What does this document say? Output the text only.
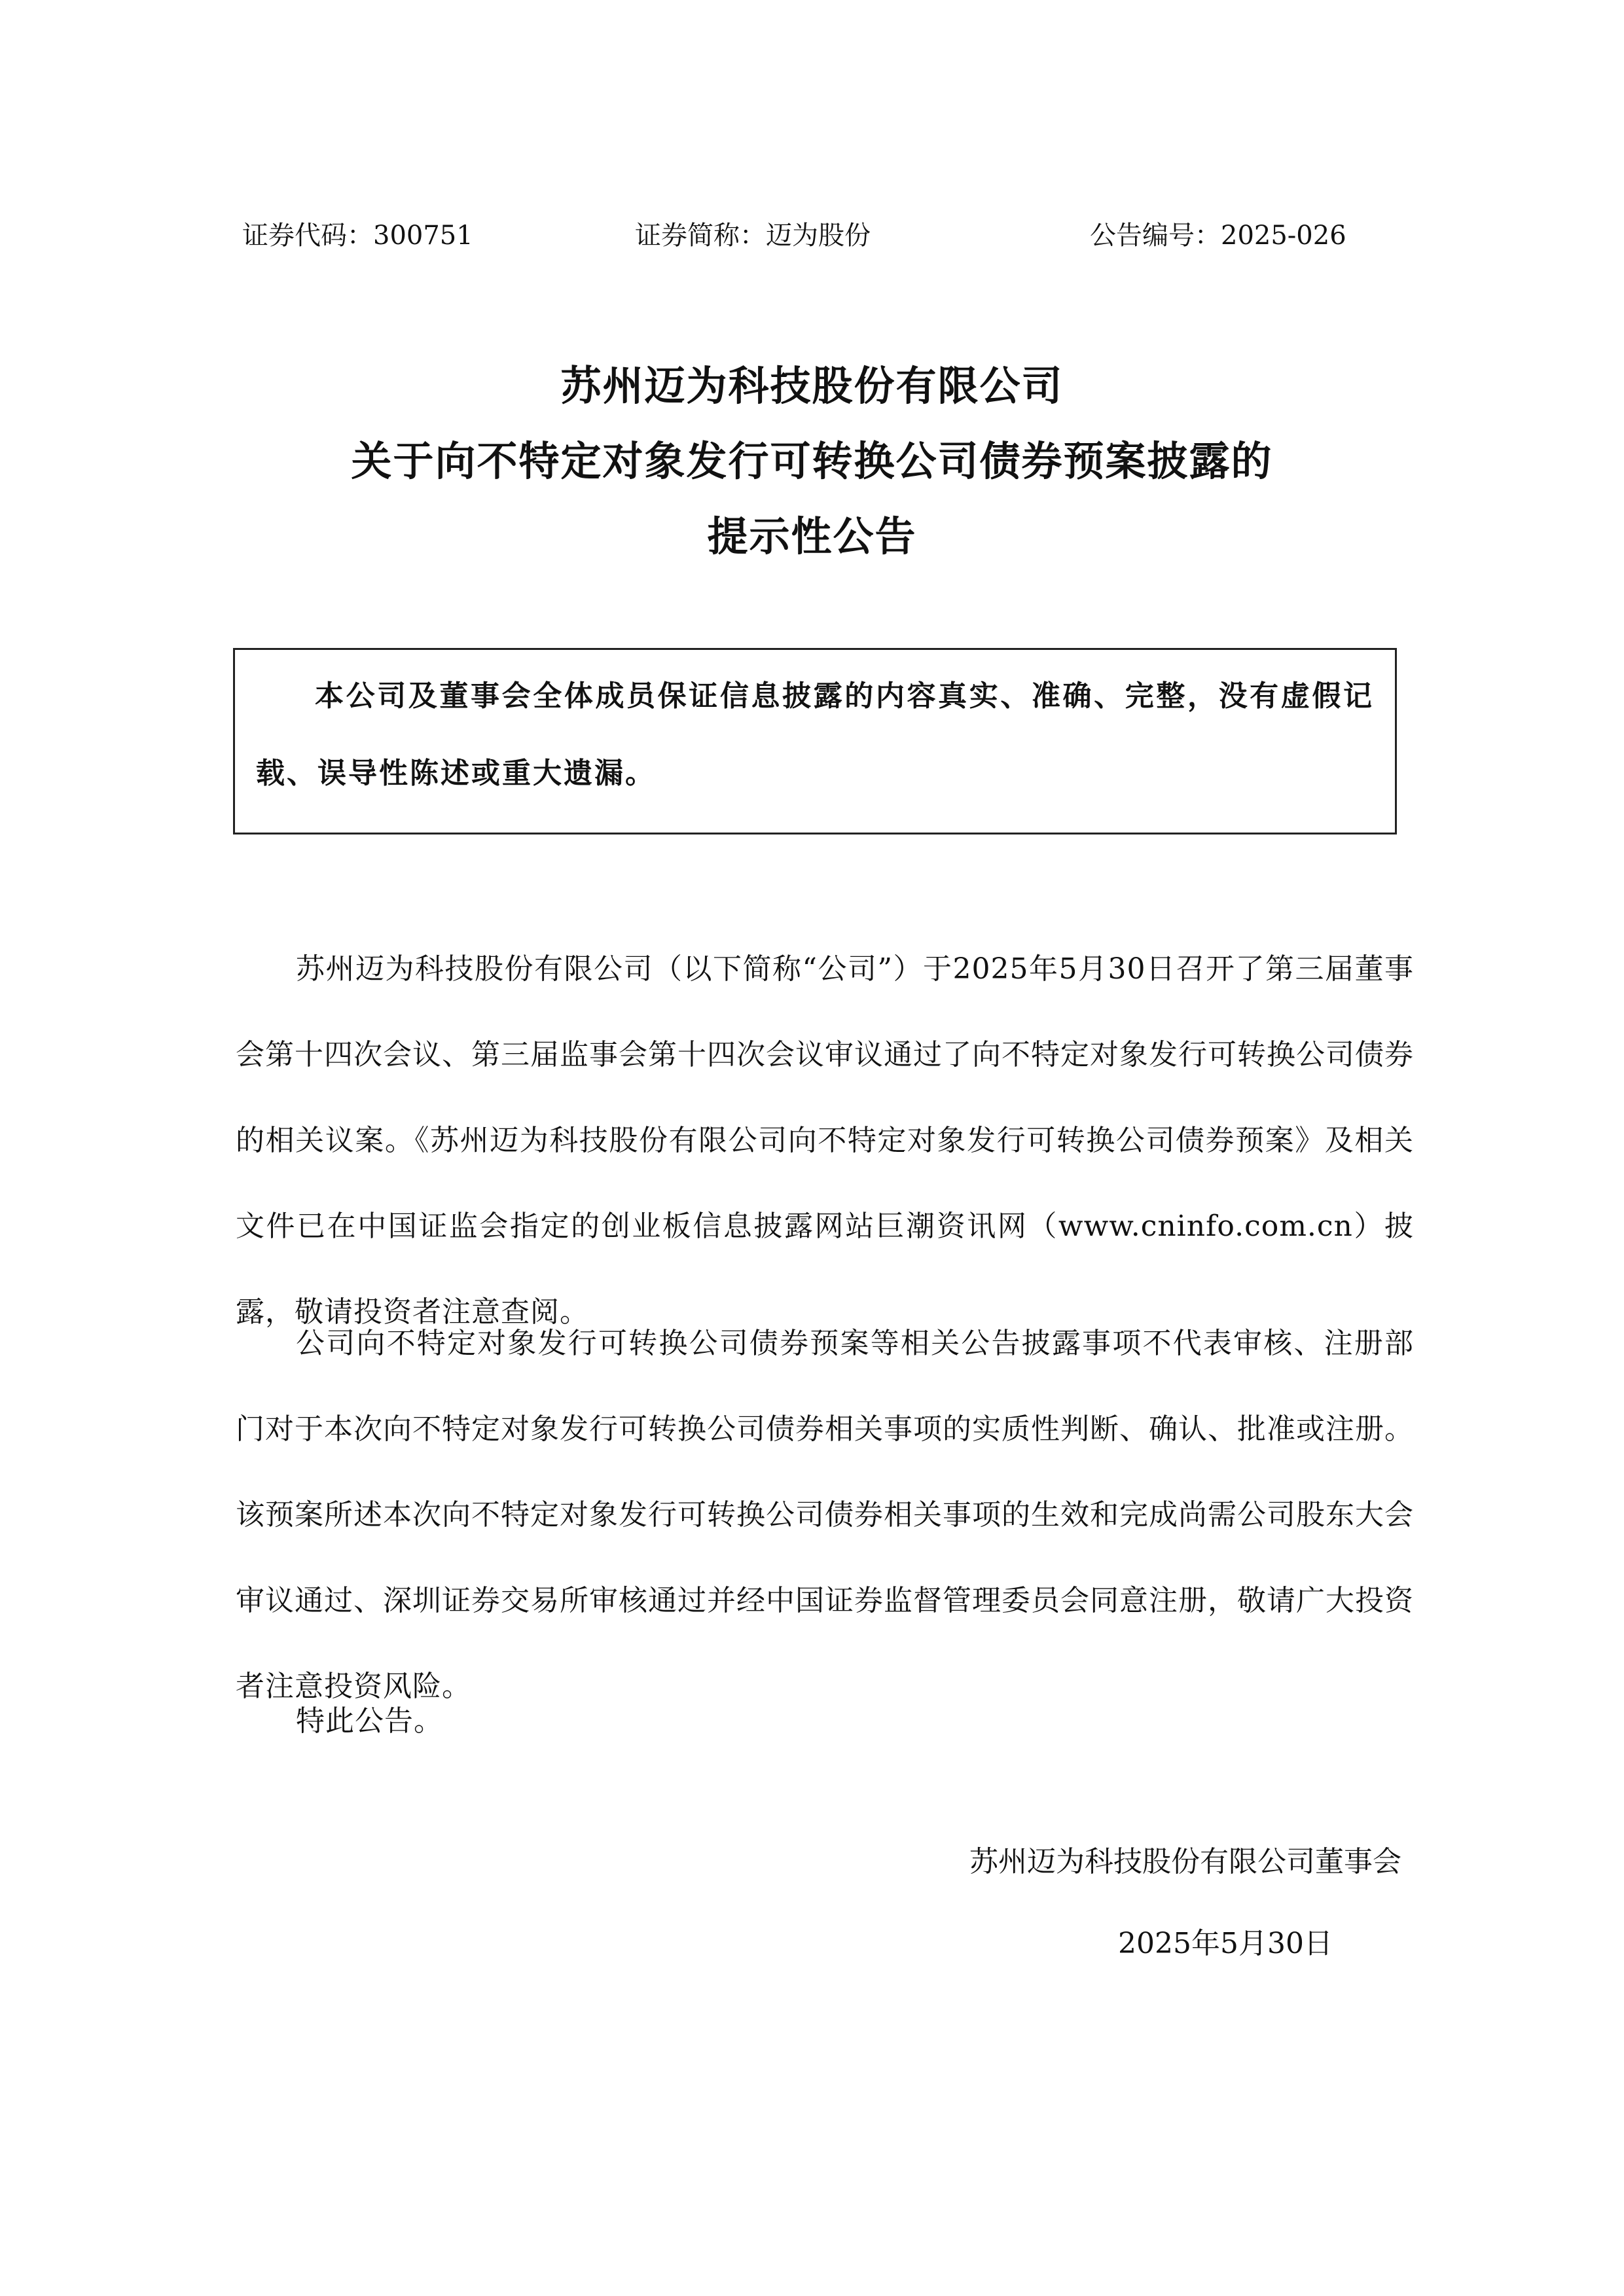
证券代码：300751	证券简称：迈为股份	公告编号：2025-026
苏州迈为科技股份有限公司
关于向不特定对象发行可转换公司债券预案披露的
提示性公告

本公司及董事会全体成员保证信息披露的内容真实、准确、完整，没有虚假记载、误导性陈述或重大遗漏。

苏州迈为科技股份有限公司（以下简称“公司”）于2025年5月30日召开了第三届董事会第十四次会议、第三届监事会第十四次会议审议通过了向不特定对象发行可转换公司债券的相关议案。《苏州迈为科技股份有限公司向不特定对象发行可转换公司债券预案》及相关文件已在中国证监会指定的创业板信息披露网站巨潮资讯网（www.cninfo.com.cn）披露，敬请投资者注意查阅。

公司向不特定对象发行可转换公司债券预案等相关公告披露事项不代表审核、注册部门对于本次向不特定对象发行可转换公司债券相关事项的实质性判断、确认、批准或注册。该预案所述本次向不特定对象发行可转换公司债券相关事项的生效和完成尚需公司股东大会审议通过、深圳证券交易所审核通过并经中国证券监督管理委员会同意注册，敬请广大投资者注意投资风险。

特此公告。

苏州迈为科技股份有限公司董事会
2025年5月30日
